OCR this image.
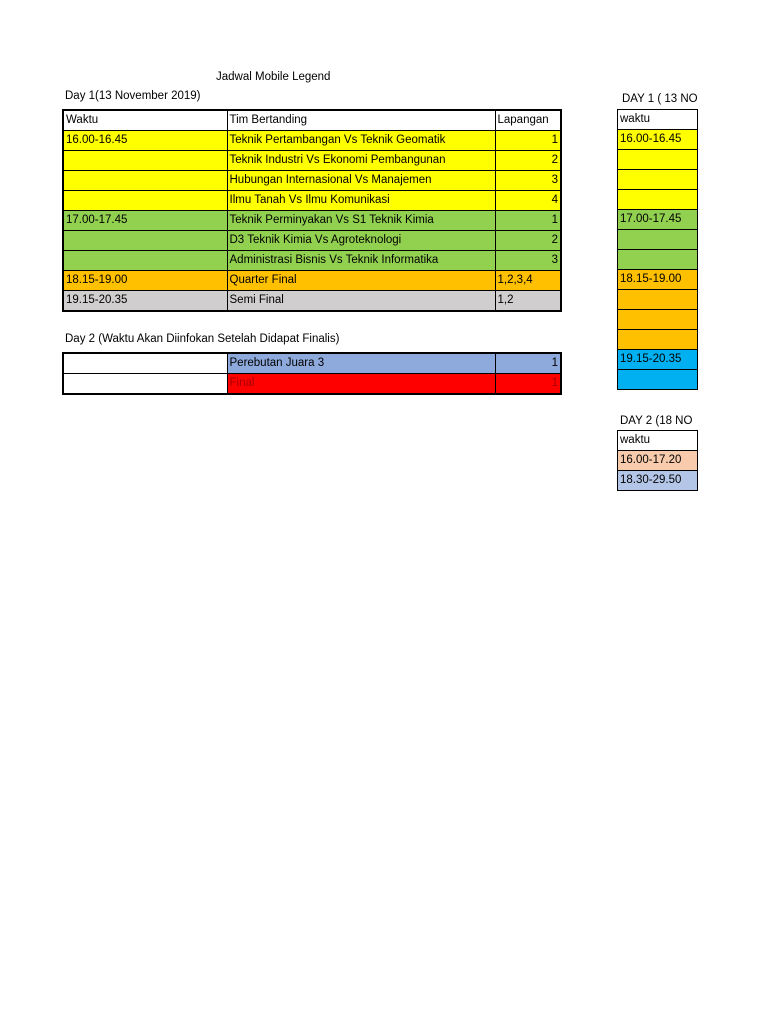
Jadwal Mobile Legend
Day 1(13 November 2019)
Waktu	Tim Bertanding	Lapangan
16.00-16.45	Teknik Pertambangan Vs Teknik Geomatik	1
	Teknik Industri Vs Ekonomi Pembangunan	2
	Hubungan Internasional Vs Manajemen	3
	Ilmu Tanah Vs Ilmu Komunikasi	4
17.00-17.45	Teknik Perminyakan Vs S1 Teknik Kimia	1
	D3 Teknik Kimia Vs Agroteknologi	2
	Administrasi Bisnis Vs Teknik Informatika	3
18.15-19.00	Quarter Final	1,2,3,4
19.15-20.35	Semi Final	1,2
Day 2 (Waktu Akan Diinfokan Setelah Didapat Finalis)
	Perebutan Juara 3	1
	Final	1
DAY 1 ( 13 NO
waktu
16.00-16.45

17.00-17.45

18.15-19.00

19.15-20.35

DAY 2 (18 NO
waktu
16.00-17.20
18.30-29.50
